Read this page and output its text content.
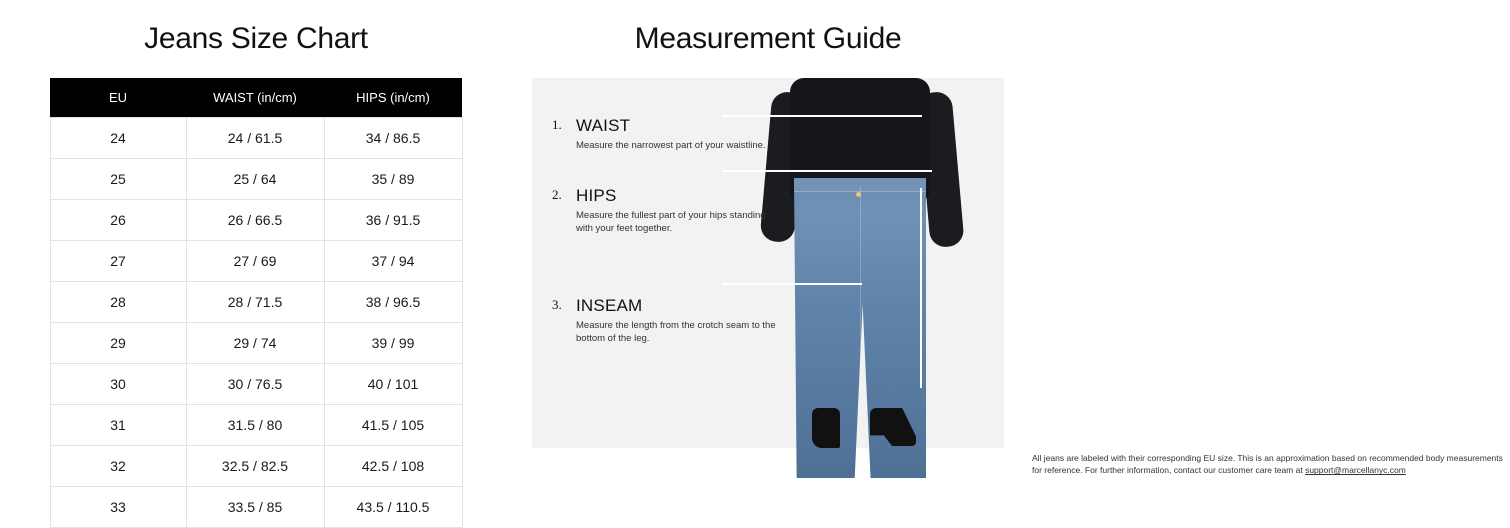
Jeans Size Chart
EU	WAIST (in/cm)	HIPS (in/cm)
24	24 / 61.5	34 / 86.5
25	25 / 64	35 / 89
26	26 / 66.5	36 / 91.5
27	27 / 69	37 / 94
28	28 / 71.5	38 / 96.5
29	29 / 74	39 / 99
30	30 / 76.5	40 / 101
31	31.5 / 80	41.5 / 105
32	32.5 / 82.5	42.5 / 108
33	33.5 / 85	43.5 / 110.5
Measurement Guide
1. WAIST

Measure the narrowest part of your waistline.

2. HIPS

Measure the fullest part of your hips standing with your feet together.

3. INSEAM

Measure the length from the crotch seam to the bottom of the leg.

All jeans are labeled with their corresponding EU size. This is an approximation based on recommended body measurements for reference. For further information, contact our customer care team at support@marcellanyc.com
